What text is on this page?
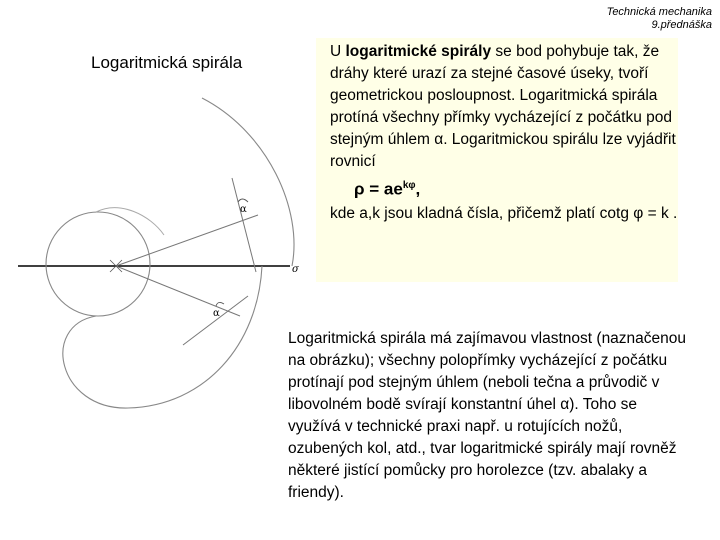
Technická mechanika
9.přednáška
Logaritmická spirála
α
α
σ

U logaritmické spirály se bod pohybuje tak, že dráhy které urazí za stejné časové úseky, tvoří geometrickou posloupnost. Logaritmická spirála protíná všechny přímky vycházející z počátku pod stejným úhlem α. Logaritmickou spirálu lze vyjádřit rovnicí

$\rho = ae^{k\varphi}$,

kde a,k jsou kladná čísla, přičemž platí cotg φ = k .

Logaritmická spirála má zajímavou vlastnost (naznačenou na obrázku); všechny polopřímky vycházející z počátku protínají pod stejným úhlem (neboli tečna a průvodič v libovolném bodě svírají konstantní úhel α). Toho se využívá v technické praxi např. u rotujících nožů, ozubených kol, atd., tvar logaritmické spirály mají rovněž některé jistící pomůcky pro horolezce (tzv. abalaky a friendy).
